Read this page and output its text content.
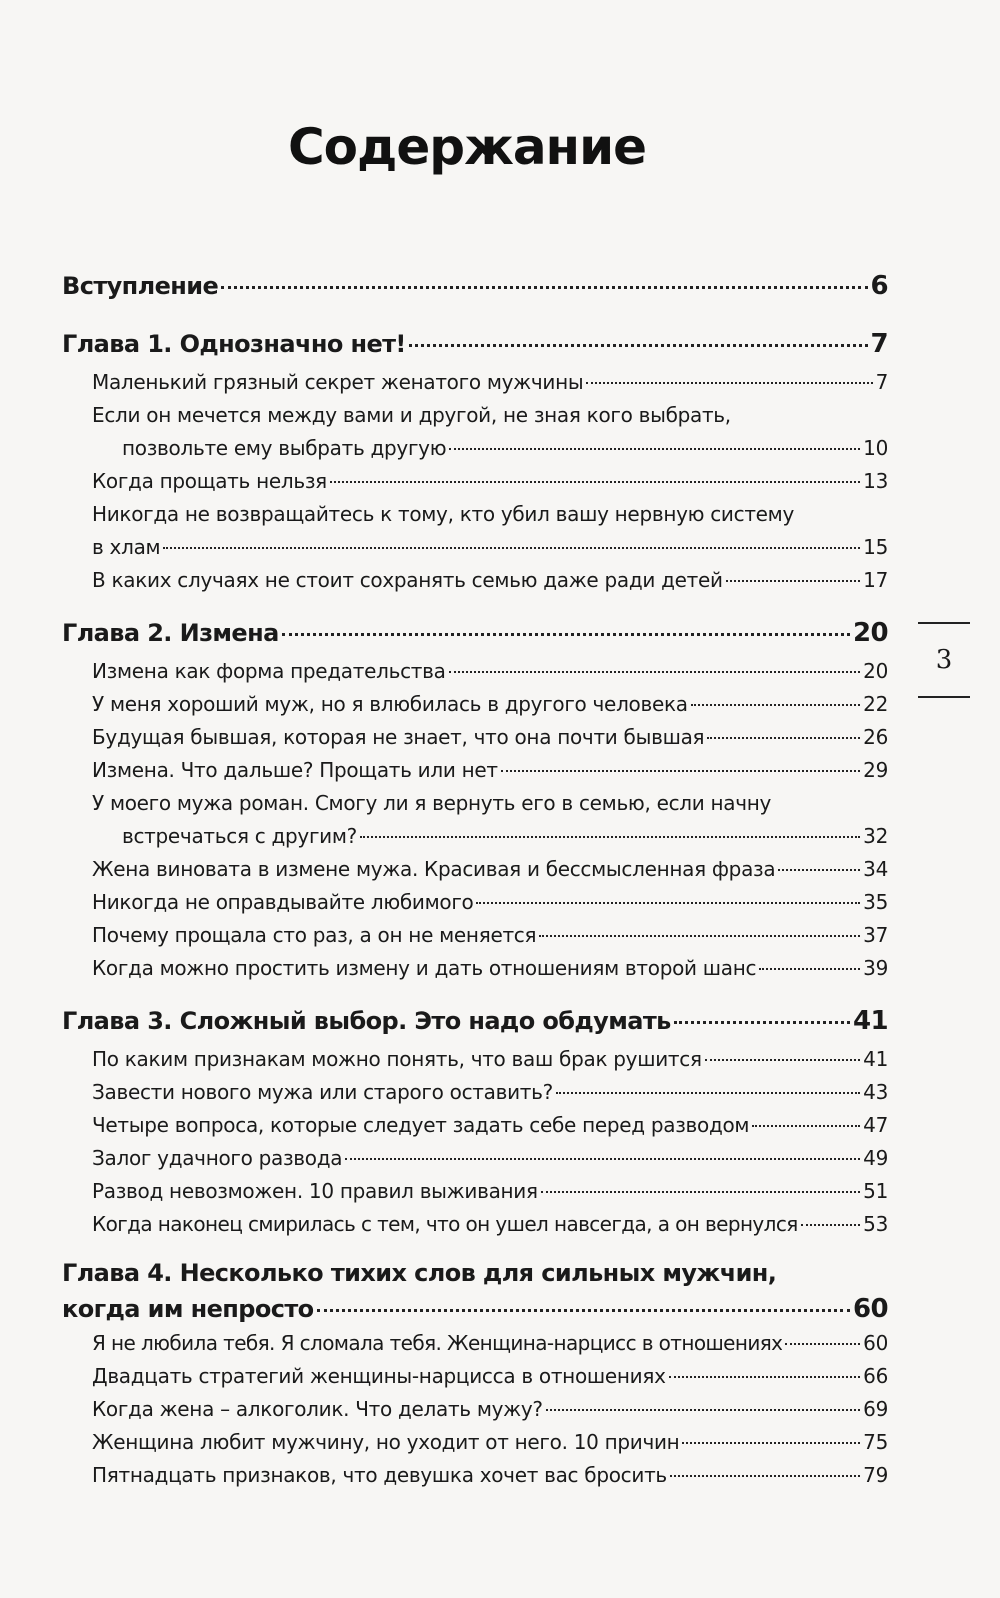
Содержание
Вступление	6
Глава 1. Однозначно нет!	7
Маленький грязный секрет женатого мужчины	7
Если он мечется между вами и другой, не зная кого выбрать,
позвольте ему выбрать другую	10
Когда прощать нельзя	13
Никогда не возвращайтесь к тому, кто убил вашу нервную систему
в хлам	15
В каких случаях не стоит сохранять семью даже ради детей	17
Глава 2. Измена	20
Измена как форма предательства	20
У меня хороший муж, но я влюбилась в другого человека	22
Будущая бывшая, которая не знает, что она почти бывшая	26
Измена. Что дальше? Прощать или нет	29
У моего мужа роман. Смогу ли я вернуть его в семью, если начну
встречаться с другим?	32
Жена виновата в измене мужа. Красивая и бессмысленная фраза	34
Никогда не оправдывайте любимого	35
Почему прощала сто раз, а он не меняется	37
Когда можно простить измену и дать отношениям второй шанс	39
Глава 3. Сложный выбор. Это надо обдумать	41
По каким признакам можно понять, что ваш брак рушится	41
Завести нового мужа или старого оставить?	43
Четыре вопроса, которые следует задать себе перед разводом	47
Залог удачного развода	49
Развод невозможен. 10 правил выживания	51
Когда наконец смирилась с тем, что он ушел навсегда, а он вернулся	53
Глава 4. Несколько тихих слов для сильных мужчин,
когда им непросто	60
Я не любила тебя. Я сломала тебя. Женщина-нарцисс в отношениях	60
Двадцать стратегий женщины-нарцисса в отношениях	66
Когда жена – алкоголик. Что делать мужу?	69
Женщина любит мужчину, но уходит от него. 10 причин	75
Пятнадцать признаков, что девушка хочет вас бросить	79
3
